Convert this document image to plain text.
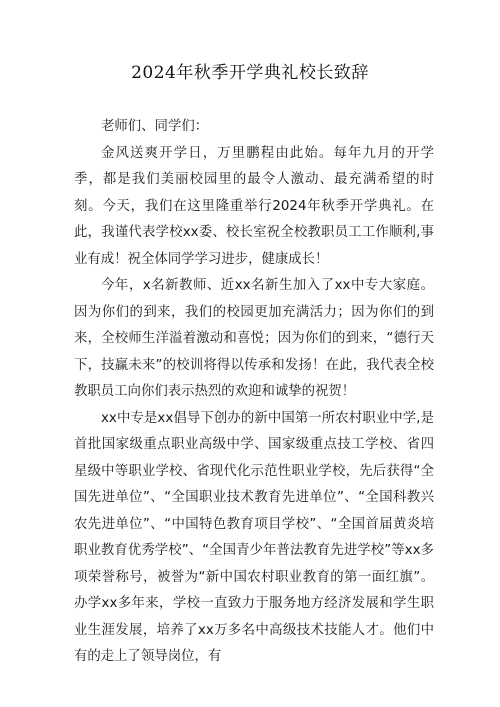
2024年秋季开学典礼校长致辞

老师们、同学们：

金风送爽开学日，万里鹏程由此始。每年九月的开学季，都是我们美丽校园里的最令人激动、最充满希望的时刻。今天，我们在这里隆重举行2024年秋季开学典礼。在此，我谨代表学校xx委、校长室祝全校教职员工工作顺利,事业有成！祝全体同学学习进步，健康成长！

今年，x名新教师、近xx名新生加入了xx中专大家庭。因为你们的到来，我们的校园更加充满活力；因为你们的到来，全校师生洋溢着激动和喜悦；因为你们的到来，“德行天下，技赢未来”的校训将得以传承和发扬！在此，我代表全校教职员工向你们表示热烈的欢迎和诚挚的祝贺！

xx中专是xx倡导下创办的新中国第一所农村职业中学,是首批国家级重点职业高级中学、国家级重点技工学校、省四星级中等职业学校、省现代化示范性职业学校，先后获得“全国先进单位”、“全国职业技术教育先进单位”、“全国科教兴农先进单位”、“中国特色教育项目学校”、“全国首届黄炎培职业教育优秀学校”、“全国青少年普法教育先进学校”等xx多项荣誉称号，被誉为“新中国农村职业教育的第一面红旗”。办学xx多年来，学校一直致力于服务地方经济发展和学生职业生涯发展，培养了xx万多名中高级技术技能人才。他们中有的走上了领导岗位，有
